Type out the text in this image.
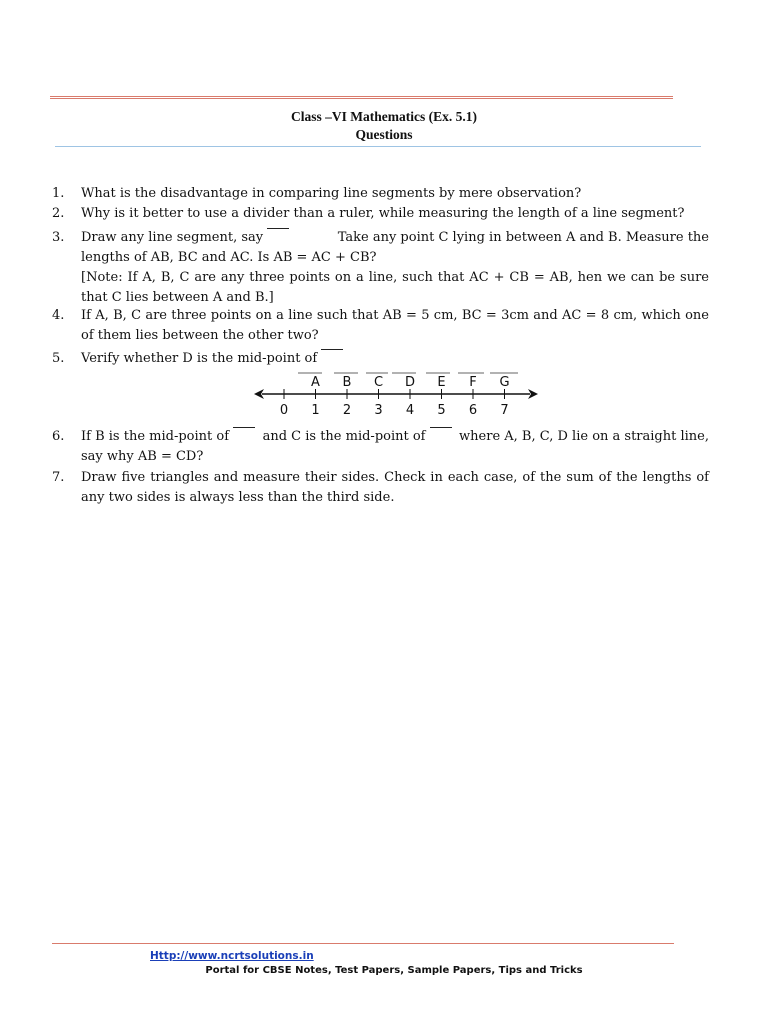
Class –VI Mathematics (Ex. 5.1)
Questions
1. What is the disadvantage in comparing line segments by mere observation?
2. Why is it better to use a divider than a ruler, while measuring the length of a line segment?
3. Draw any line segment, say	Take any point C lying in between A and B. Measure the
lengths of AB, BC and AC. Is AB = AC + CB?
[Note: If A, B, C are any three points on a line, such that AC + CB = AB, hen we can be sure that C lies between A and B.]
4. If A, B, C are three points on a line such that AB = 5 cm, BC = 3cm and AC = 8 cm, which one of them lies between the other two?
5. Verify whether D is the mid-point of
A B C D E F G
0 1 2 3 4 5 6 7
6. If B is the mid-point of	and C is the mid-point of	where A, B, C, D lie on a straight line,
say why AB = CD?
7. Draw five triangles and measure their sides. Check in each case, of the sum of the lengths of any two sides is always less than the third side.
Http://www.ncrtsolutions.in
Portal for CBSE Notes, Test Papers, Sample Papers, Tips and Tricks
